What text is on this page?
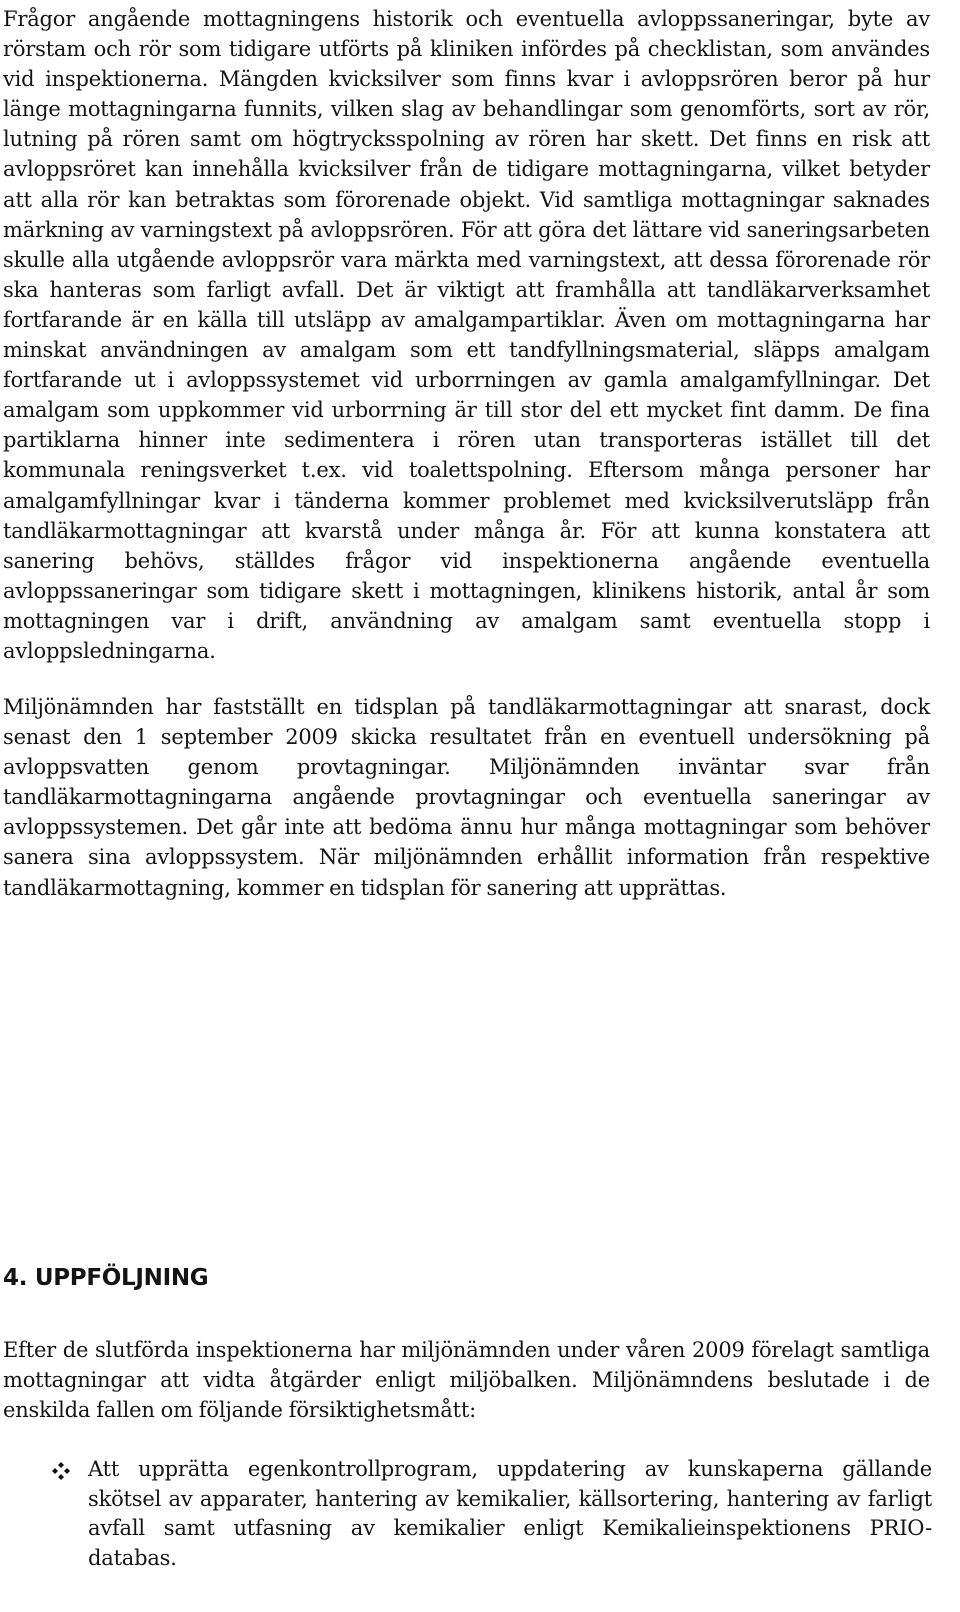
Frågor angående mottagningens historik och eventuella avloppssaneringar, byte av rörstam och rör som tidigare utförts på kliniken infördes på checklistan, som användes vid inspektionerna. Mängden kvicksilver som finns kvar i avloppsrören beror på hur länge mottagningarna funnits, vilken slag av behandlingar som genomförts, sort av rör, lutning på rören samt om högtrycksspolning av rören har skett. Det finns en risk att avloppsröret kan innehålla kvicksilver från de tidigare mottagningarna, vilket betyder att alla rör kan betraktas som förorenade objekt. Vid samtliga mottagningar saknades märkning av varningstext på avloppsrören. För att göra det lättare vid saneringsarbeten skulle alla utgående avloppsrör vara märkta med varningstext, att dessa förorenade rör ska hanteras som farligt avfall. Det är viktigt att framhålla att tandläkarverksamhet fortfarande är en källa till utsläpp av amalgampartiklar. Även om mottagningarna har minskat användningen av amalgam som ett tandfyllningsmaterial, släpps amalgam fortfarande ut i avloppssystemet vid urborrningen av gamla amalgamfyllningar. Det amalgam som uppkommer vid urborrning är till stor del ett mycket fint damm. De fina partiklarna hinner inte sedimentera i rören utan transporteras istället till det kommunala reningsverket t.ex. vid toalettspolning. Eftersom många personer har amalgamfyllningar kvar i tänderna kommer problemet med kvicksilverutsläpp från tandläkarmottagningar att kvarstå under många år. För att kunna konstatera att sanering behövs, ställdes frågor vid inspektionerna angående eventuella avloppssaneringar som tidigare skett i mottagningen, klinikens historik, antal år som mottagningen var i drift, användning av amalgam samt eventuella stopp i avloppsledningarna.

Miljönämnden har fastställt en tidsplan på tandläkarmottagningar att snarast, dock senast den 1 september 2009 skicka resultatet från en eventuell undersökning på avloppsvatten genom provtagningar. Miljönämnden inväntar svar från tandläkarmottagningarna angående provtagningar och eventuella saneringar av avloppssystemen. Det går inte att bedöma ännu hur många mottagningar som behöver sanera sina avloppssystem. När miljönämnden erhållit information från respektive tandläkarmottagning, kommer en tidsplan för sanering att upprättas.

4. UPPFÖLJNING

Efter de slutförda inspektionerna har miljönämnden under våren 2009 förelagt samtliga mottagningar att vidta åtgärder enligt miljöbalken. Miljönämndens beslutade i de enskilda fallen om följande försiktighetsmått:

Att upprätta egenkontrollprogram, uppdatering av kunskaperna gällande skötsel av apparater, hantering av kemikalier, källsortering, hantering av farligt avfall samt utfasning av kemikalier enligt Kemikalieinspektionens PRIO- databas.
